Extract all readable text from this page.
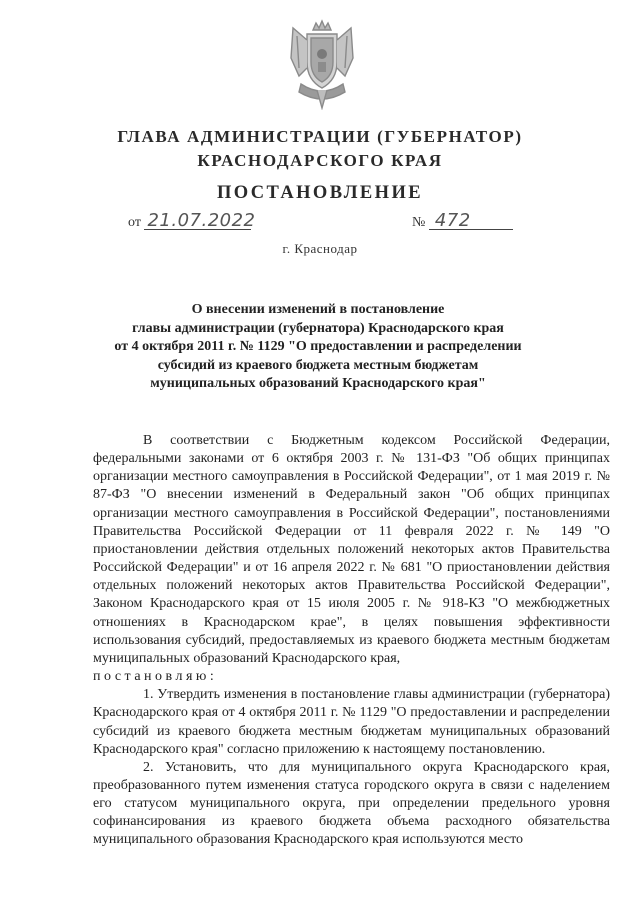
ГЛАВА АДМИНИСТРАЦИИ (ГУБЕРНАТОР)
КРАСНОДАРСКОГО КРАЯ
ПОСТАНОВЛЕНИЕ
от 21.07.2022	№ 472
г. Краснодар
О внесении изменений в постановление
главы администрации (губернатора) Краснодарского края
от 4 октября 2011 г. № 1129 "О предоставлении и распределении
субсидий из краевого бюджета местным бюджетам
муниципальных образований Краснодарского края"

В соответствии с Бюджетным кодексом Российской Федерации, федеральными законами от 6 октября 2003 г. № 131-ФЗ "Об общих принципах организации местного самоуправления в Российской Федерации", от 1 мая 2019 г. № 87-ФЗ "О внесении изменений в Федеральный закон "Об общих принципах организации местного самоуправления в Российской Федерации", постановлениями Правительства Российской Федерации от 11 февраля 2022 г. № 149 "О приостановлении действия отдельных положений некоторых актов Правительства Российской Федерации" и от 16 апреля 2022 г. № 681 "О приостановлении действия отдельных положений некоторых актов Правительства Российской Федерации", Законом Краснодарского края от 15 июля 2005 г. № 918-КЗ "О межбюджетных отношениях в Краснодарском крае", в целях повышения эффективности использования субсидий, предоставляемых из краевого бюджета местным бюджетам муниципальных образований Краснодарского края,

постановляю:

1. Утвердить изменения в постановление главы администрации (губернатора) Краснодарского края от 4 октября 2011 г. № 1129 "О предоставлении и распределении субсидий из краевого бюджета местным бюджетам муниципальных образований Краснодарского края" согласно приложению к настоящему постановлению.

2. Установить, что для муниципального округа Краснодарского края, преобразованного путем изменения статуса городского округа в связи с наделением его статусом муниципального округа, при определении предельного уровня софинансирования из краевого бюджета объема расходного обязательства муниципального образования Краснодарского края используются место
